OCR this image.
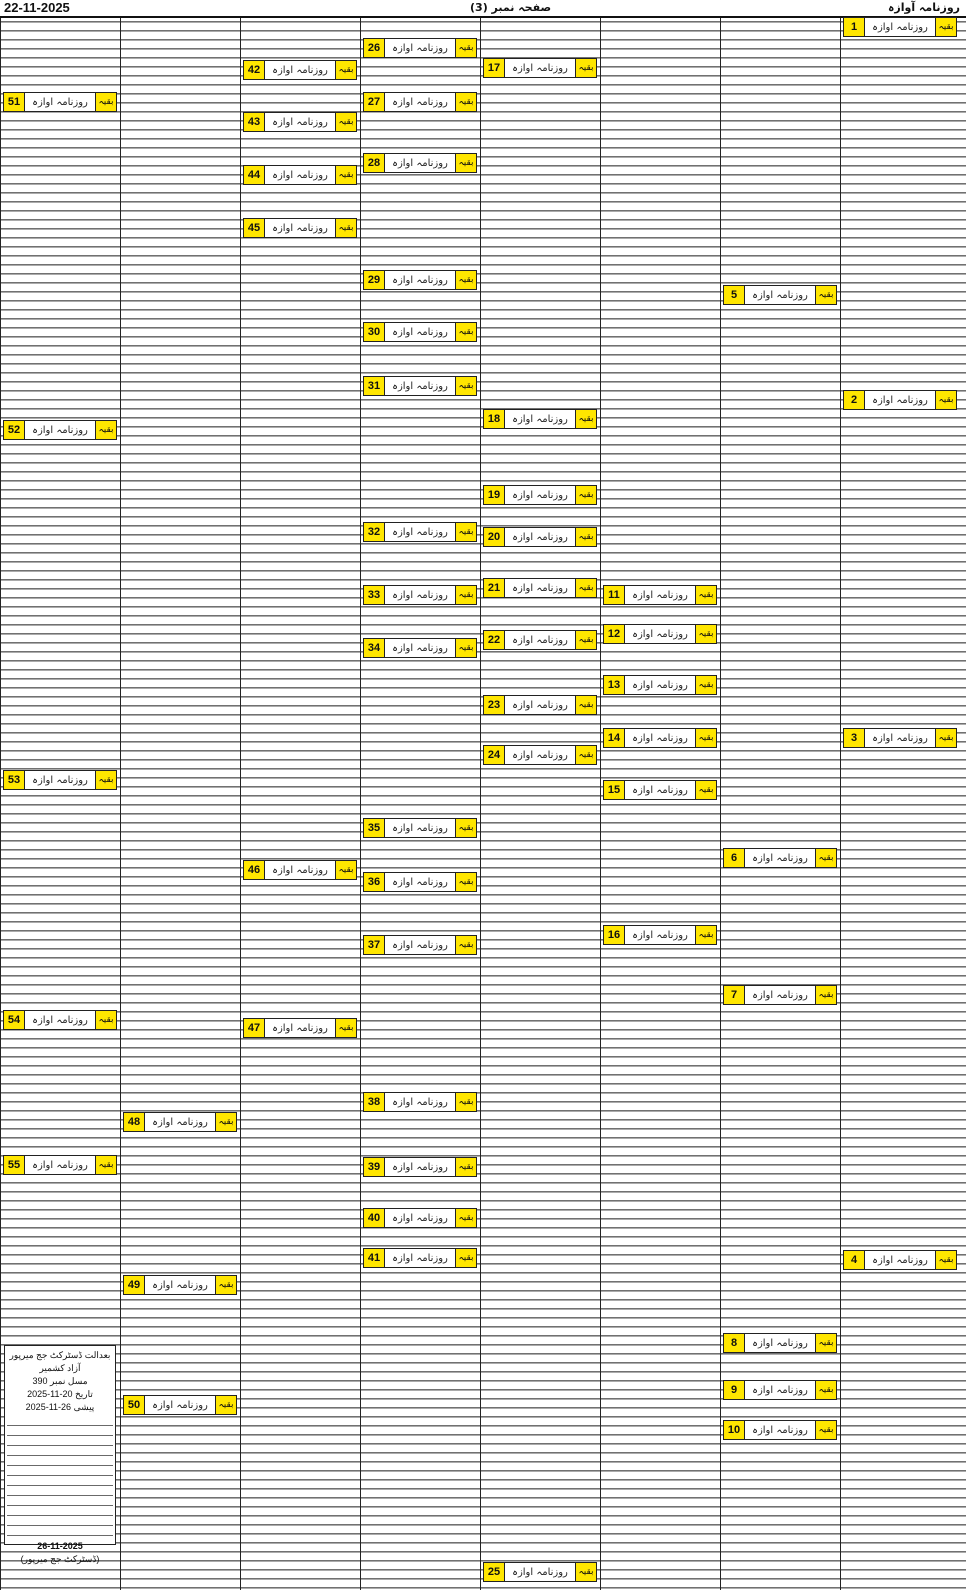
22-11-2025	صفحہ نمبر (3)	روزنامہ آوازہ
1	روزنامہ آوازہ	بقیہ
2	روزنامہ آوازہ	بقیہ
3	روزنامہ آوازہ	بقیہ
4	روزنامہ آوازہ	بقیہ
5	روزنامہ آوازہ	بقیہ
6	روزنامہ آوازہ	بقیہ
7	روزنامہ آوازہ	بقیہ
8	روزنامہ آوازہ	بقیہ
9	روزنامہ آوازہ	بقیہ
10	روزنامہ آوازہ	بقیہ
11	روزنامہ آوازہ	بقیہ
12	روزنامہ آوازہ	بقیہ
13	روزنامہ آوازہ	بقیہ
14	روزنامہ آوازہ	بقیہ
15	روزنامہ آوازہ	بقیہ
16	روزنامہ آوازہ	بقیہ
17	روزنامہ آوازہ	بقیہ
18	روزنامہ آوازہ	بقیہ
19	روزنامہ آوازہ	بقیہ
20	روزنامہ آوازہ	بقیہ
21	روزنامہ آوازہ	بقیہ
22	روزنامہ آوازہ	بقیہ
23	روزنامہ آوازہ	بقیہ
24	روزنامہ آوازہ	بقیہ
25	روزنامہ آوازہ	بقیہ
26	روزنامہ آوازہ	بقیہ
27	روزنامہ آوازہ	بقیہ
28	روزنامہ آوازہ	بقیہ
29	روزنامہ آوازہ	بقیہ
30	روزنامہ آوازہ	بقیہ
31	روزنامہ آوازہ	بقیہ
32	روزنامہ آوازہ	بقیہ
33	روزنامہ آوازہ	بقیہ
34	روزنامہ آوازہ	بقیہ
35	روزنامہ آوازہ	بقیہ
36	روزنامہ آوازہ	بقیہ
37	روزنامہ آوازہ	بقیہ
38	روزنامہ آوازہ	بقیہ
39	روزنامہ آوازہ	بقیہ
40	روزنامہ آوازہ	بقیہ
41	روزنامہ آوازہ	بقیہ
42	روزنامہ آوازہ	بقیہ
43	روزنامہ آوازہ	بقیہ
44	روزنامہ آوازہ	بقیہ
45	روزنامہ آوازہ	بقیہ
46	روزنامہ آوازہ	بقیہ
47	روزنامہ آوازہ	بقیہ
48	روزنامہ آوازہ	بقیہ
49	روزنامہ آوازہ	بقیہ
50	روزنامہ آوازہ	بقیہ
51	روزنامہ آوازہ	بقیہ
52	روزنامہ آوازہ	بقیہ
53	روزنامہ آوازہ	بقیہ
54	روزنامہ آوازہ	بقیہ
55	روزنامہ آوازہ	بقیہ
بعدالت ڈسٹرکٹ جج میرپور آزاد کشمیر
مسل نمبر 390
تاریخ 20-11-2025
پیشی 26-11-2025
26-11-2025
(ڈسٹرکٹ جج میرپور)
